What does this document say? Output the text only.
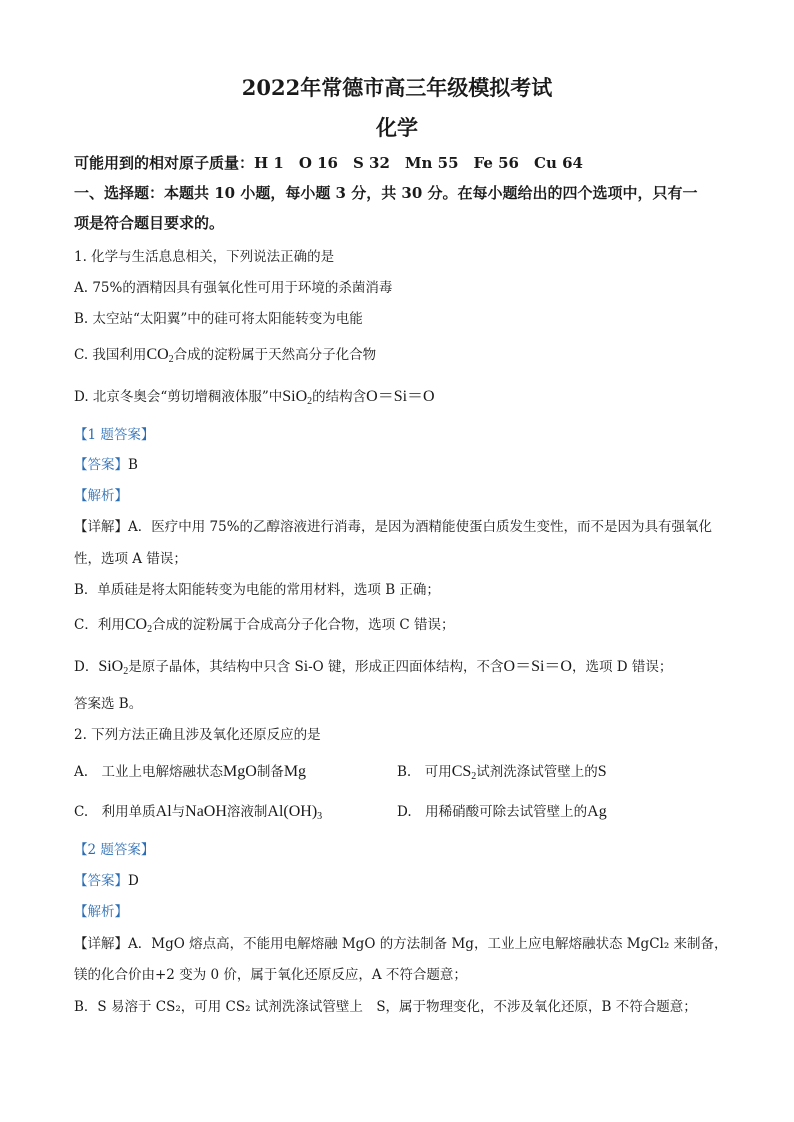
2022年常德市高三年级模拟考试
化学
可能用到的相对原子质量：H 1　O 16　S 32　Mn 55　Fe 56　Cu 64
一、选择题：本题共 10 小题，每小题 3 分，共 30 分。在每小题给出的四个选项中，只有一
项是符合题目要求的。
1. 化学与生活息息相关，下列说法正确的是
A. 75%的酒精因具有强氧化性可用于环境的杀菌消毒
B. 太空站“太阳翼”中的硅可将太阳能转变为电能
C. 我国利用$CO_2$合成的淀粉属于天然高分子化合物
D. 北京冬奥会“剪切增稠液体服”中SiO$_2$的结构含O＝Si＝O
【1 题答案】
【答案】B
【解析】
【详解】A．医疗中用 75%的乙醇溶液进行消毒，是因为酒精能使蛋白质发生变性，而不是因为具有强氧化
性，选项 A 错误；
B．单质硅是将太阳能转变为电能的常用材料，选项 B 正确；
C．利用$CO_2$合成的淀粉属于合成高分子化合物，选项 C 错误；
D．SiO$_2$是原子晶体，其结构中只含 Si-O 键，形成正四面体结构，不含O＝Si＝O，选项 D 错误；
答案选 B。
2. 下列方法正确且涉及氧化还原反应的是
A.　工业上电解熔融状态MgO制备Mg	B.　可用$CS_2$试剂洗涤试管壁上的S
C.　利用单质Al与NaOH溶液制$Al(OH)_3$	D.　用稀硝酸可除去试管壁上的Ag
【2 题答案】
【答案】D
【解析】
【详解】A．MgO 熔点高，不能用电解熔融 MgO 的方法制备 Mg，工业上应电解熔融状态 MgCl₂ 来制备，
镁的化合价由+2 变为 0 价，属于氧化还原反应，A 不符合题意；
B．S 易溶于 CS₂，可用 CS₂ 试剂洗涤试管壁上　S，属于物理变化，不涉及氧化还原，B 不符合题意；
